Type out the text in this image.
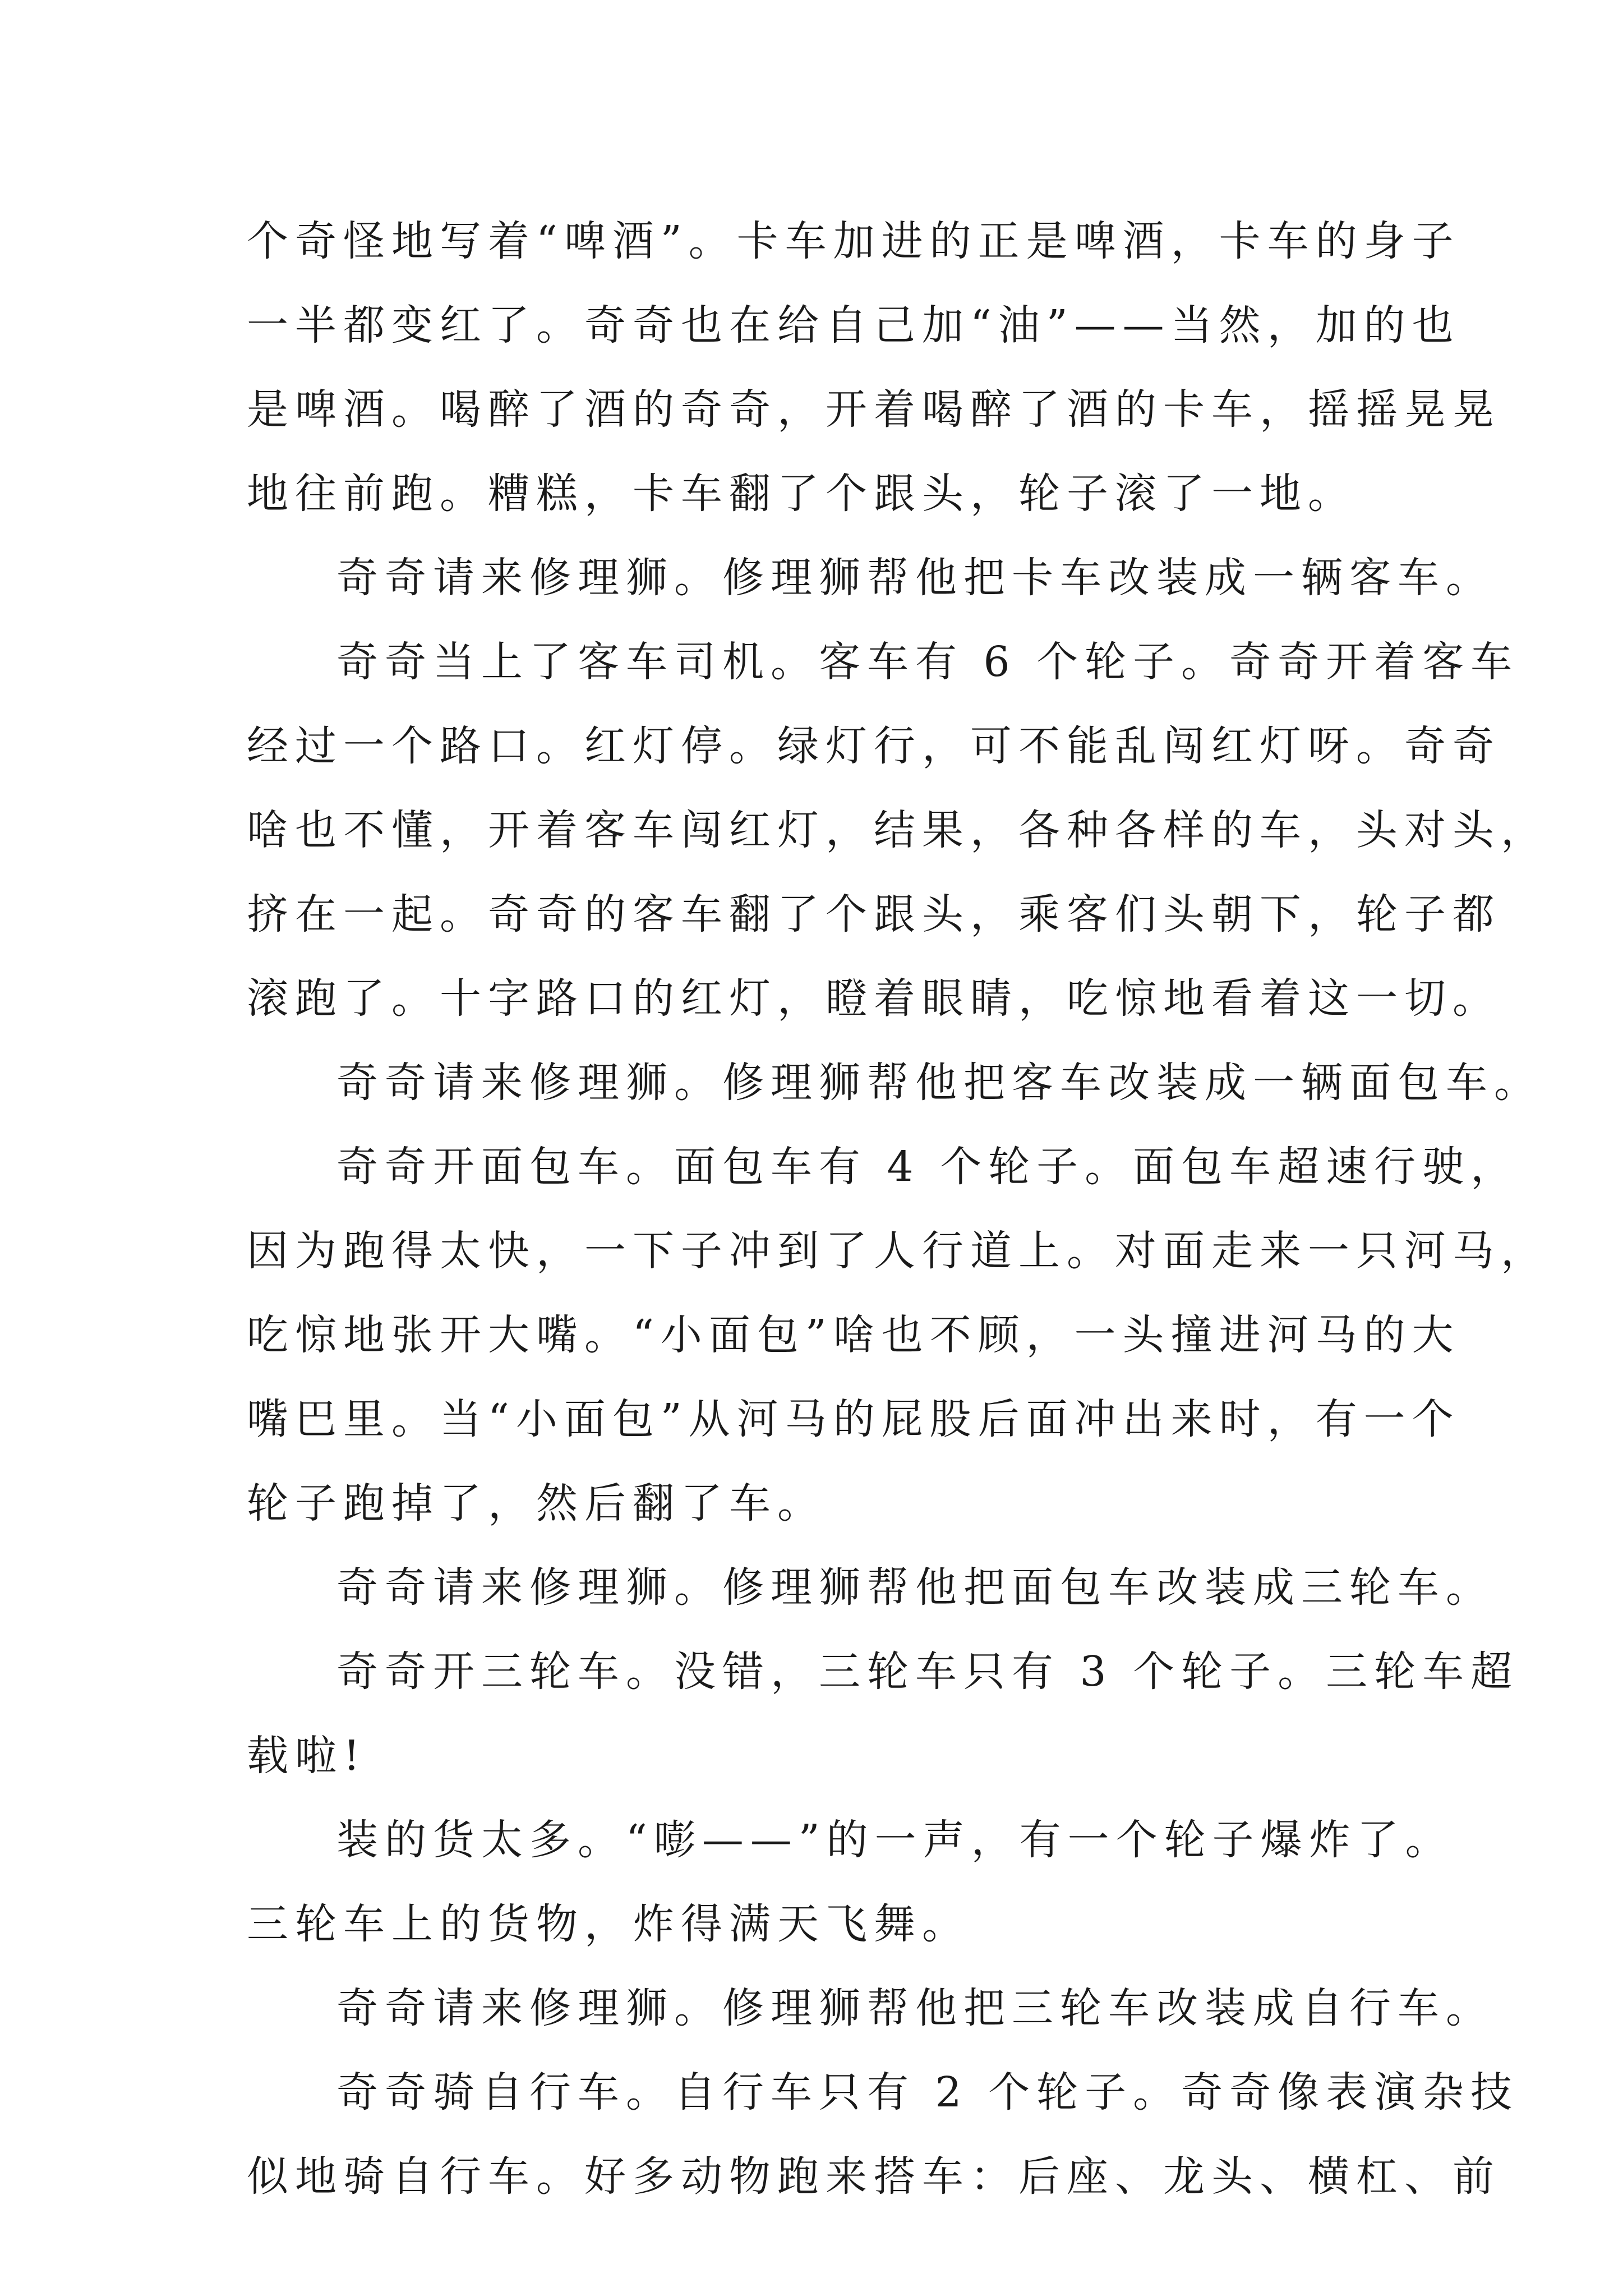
个奇怪地写着“啤酒”。卡车加进的正是啤酒，卡车的身子
一半都变红了。奇奇也在给自己加“油”——当然，加的也
是啤酒。喝醉了酒的奇奇，开着喝醉了酒的卡车，摇摇晃晃
地往前跑。糟糕，卡车翻了个跟头，轮子滚了一地。
奇奇请来修理狮。修理狮帮他把卡车改装成一辆客车。
奇奇当上了客车司机。客车有 6 个轮子。奇奇开着客车
经过一个路口。红灯停。绿灯行，可不能乱闯红灯呀。奇奇
啥也不懂，开着客车闯红灯，结果，各种各样的车，头对头，
挤在一起。奇奇的客车翻了个跟头，乘客们头朝下，轮子都
滚跑了。十字路口的红灯，瞪着眼睛，吃惊地看着这一切。
奇奇请来修理狮。修理狮帮他把客车改装成一辆面包车。
奇奇开面包车。面包车有 4 个轮子。面包车超速行驶，
因为跑得太快，一下子冲到了人行道上。对面走来一只河马，
吃惊地张开大嘴。“小面包”啥也不顾，一头撞进河马的大
嘴巴里。当“小面包”从河马的屁股后面冲出来时，有一个
轮子跑掉了，然后翻了车。
奇奇请来修理狮。修理狮帮他把面包车改装成三轮车。
奇奇开三轮车。没错，三轮车只有 3 个轮子。三轮车超
载啦!
装的货太多。“嘭——”的一声，有一个轮子爆炸了。
三轮车上的货物，炸得满天飞舞。
奇奇请来修理狮。修理狮帮他把三轮车改装成自行车。
奇奇骑自行车。自行车只有 2 个轮子。奇奇像表演杂技
似地骑自行车。好多动物跑来搭车：后座、龙头、横杠、前
